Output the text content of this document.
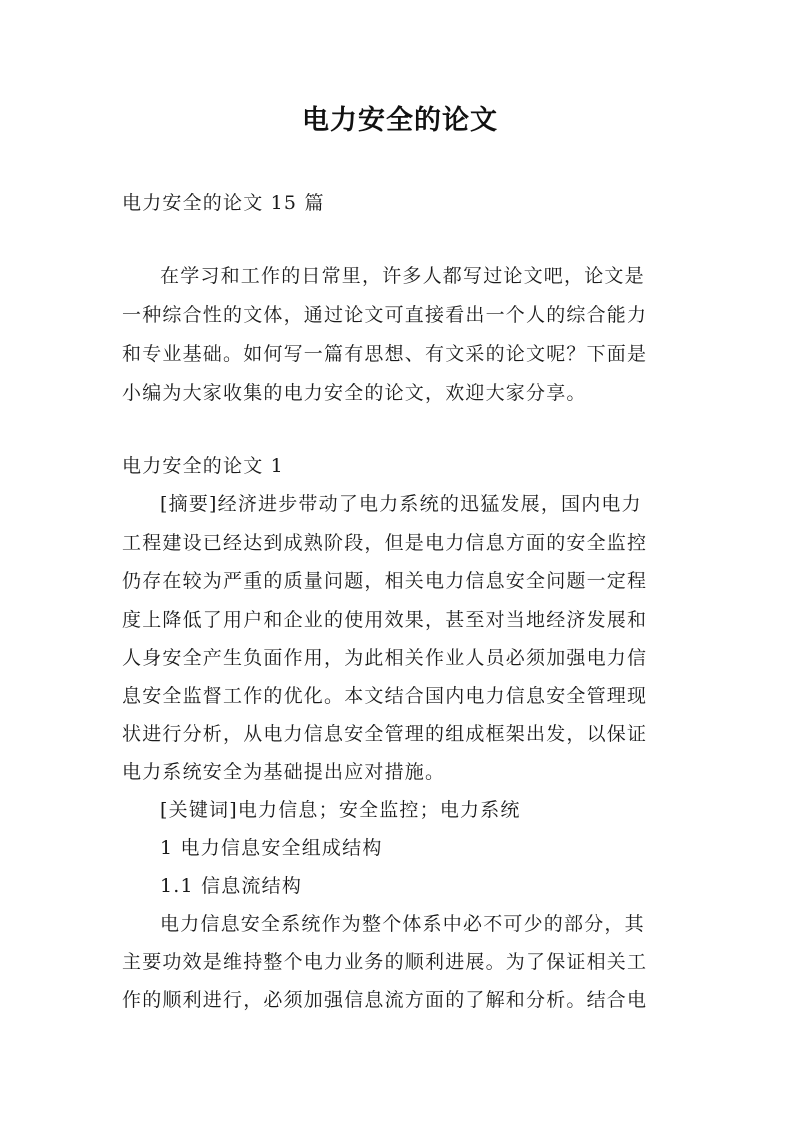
电力安全的论文
电力安全的论文 15 篇
在学习和工作的日常里，许多人都写过论文吧，论文是
一种综合性的文体，通过论文可直接看出一个人的综合能力
和专业基础。如何写一篇有思想、有文采的论文呢？下面是
小编为大家收集的电力安全的论文，欢迎大家分享。
电力安全的论文 1
[摘要]经济进步带动了电力系统的迅猛发展，国内电力
工程建设已经达到成熟阶段，但是电力信息方面的安全监控
仍存在较为严重的质量问题，相关电力信息安全问题一定程
度上降低了用户和企业的使用效果，甚至对当地经济发展和
人身安全产生负面作用，为此相关作业人员必须加强电力信
息安全监督工作的优化。本文结合国内电力信息安全管理现
状进行分析，从电力信息安全管理的组成框架出发，以保证
电力系统安全为基础提出应对措施。
[关键词]电力信息；安全监控；电力系统
1 电力信息安全组成结构
1.1 信息流结构
电力信息安全系统作为整个体系中必不可少的部分，其
主要功效是维持整个电力业务的顺利进展。为了保证相关工
作的顺利进行，必须加强信息流方面的了解和分析。结合电
